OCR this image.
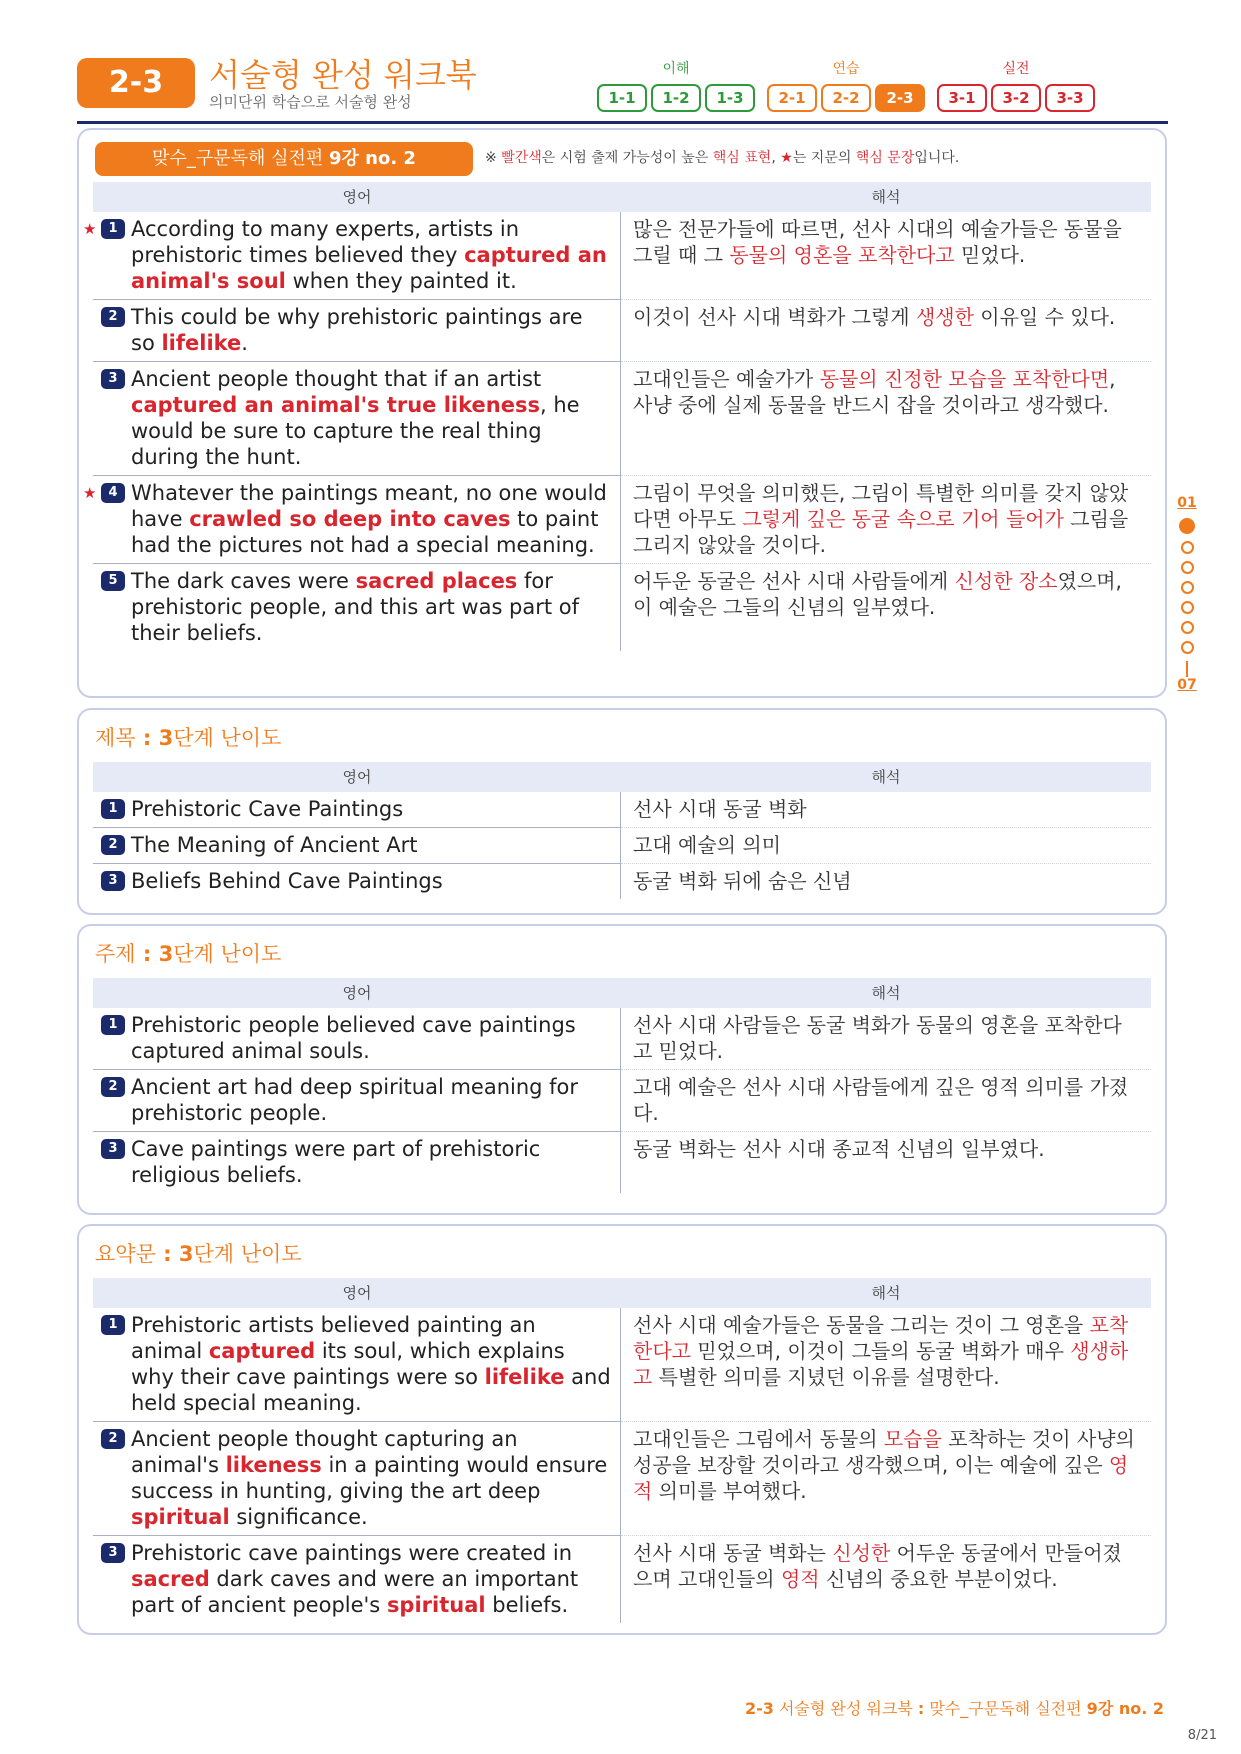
2-3	서술형 완성 워크북
의미단위 학습으로 서술형 완성
이해
1-1	1-2	1-3
연습
2-1	2-2	2-3
실전
3-1	3-2	3-3
맞수_구문독해 실전편 9강 no. 2	※ 빨간색은 시험 출제 가능성이 높은 핵심 표현, ★는 지문의 핵심 문장입니다.
영어	해석
★ 1 According to many experts, artists in prehistoric times believed they captured an animal's soul when they painted it.
많은 전문가들에 따르면, 선사 시대의 예술가들은 동물을 그릴 때 그 동물의 영혼을 포착한다고 믿었다.
2 This could be why prehistoric paintings are so lifelike.
이것이 선사 시대 벽화가 그렇게 생생한 이유일 수 있다.
3 Ancient people thought that if an artist captured an animal's true likeness, he would be sure to capture the real thing during the hunt.
고대인들은 예술가가 동물의 진정한 모습을 포착한다면, 사냥 중에 실제 동물을 반드시 잡을 것이라고 생각했다.
★ 4 Whatever the paintings meant, no one would have crawled so deep into caves to paint had the pictures not had a special meaning.
그림이 무엇을 의미했든, 그림이 특별한 의미를 갖지 않았다면 아무도 그렇게 깊은 동굴 속으로 기어 들어가 그림을 그리지 않았을 것이다.
5 The dark caves were sacred places for prehistoric people, and this art was part of their beliefs.
어두운 동굴은 선사 시대 사람들에게 신성한 장소였으며, 이 예술은 그들의 신념의 일부였다.
제목 : 3단계 난이도
영어	해석
1 Prehistoric Cave Paintings	선사 시대 동굴 벽화
2 The Meaning of Ancient Art	고대 예술의 의미
3 Beliefs Behind Cave Paintings	동굴 벽화 뒤에 숨은 신념
주제 : 3단계 난이도
영어	해석
1 Prehistoric people believed cave paintings captured animal souls.
선사 시대 사람들은 동굴 벽화가 동물의 영혼을 포착한다고 믿었다.
2 Ancient art had deep spiritual meaning for prehistoric people.
고대 예술은 선사 시대 사람들에게 깊은 영적 의미를 가졌다.
3 Cave paintings were part of prehistoric religious beliefs.
동굴 벽화는 선사 시대 종교적 신념의 일부였다.
요약문 : 3단계 난이도
영어	해석
1 Prehistoric artists believed painting an animal captured its soul, which explains why their cave paintings were so lifelike and held special meaning.
선사 시대 예술가들은 동물을 그리는 것이 그 영혼을 포착한다고 믿었으며, 이것이 그들의 동굴 벽화가 매우 생생하고 특별한 의미를 지녔던 이유를 설명한다.
2 Ancient people thought capturing an animal's likeness in a painting would ensure success in hunting, giving the art deep spiritual significance.
고대인들은 그림에서 동물의 모습을 포착하는 것이 사냥의 성공을 보장할 것이라고 생각했으며, 이는 예술에 깊은 영적 의미를 부여했다.
3 Prehistoric cave paintings were created in sacred dark caves and were an important part of ancient people's spiritual beliefs.
선사 시대 동굴 벽화는 신성한 어두운 동굴에서 만들어졌으며 고대인들의 영적 신념의 중요한 부분이었다.
01
07
2-3 서술형 완성 워크북 : 맞수_구문독해 실전편 9강 no. 2
8/21
